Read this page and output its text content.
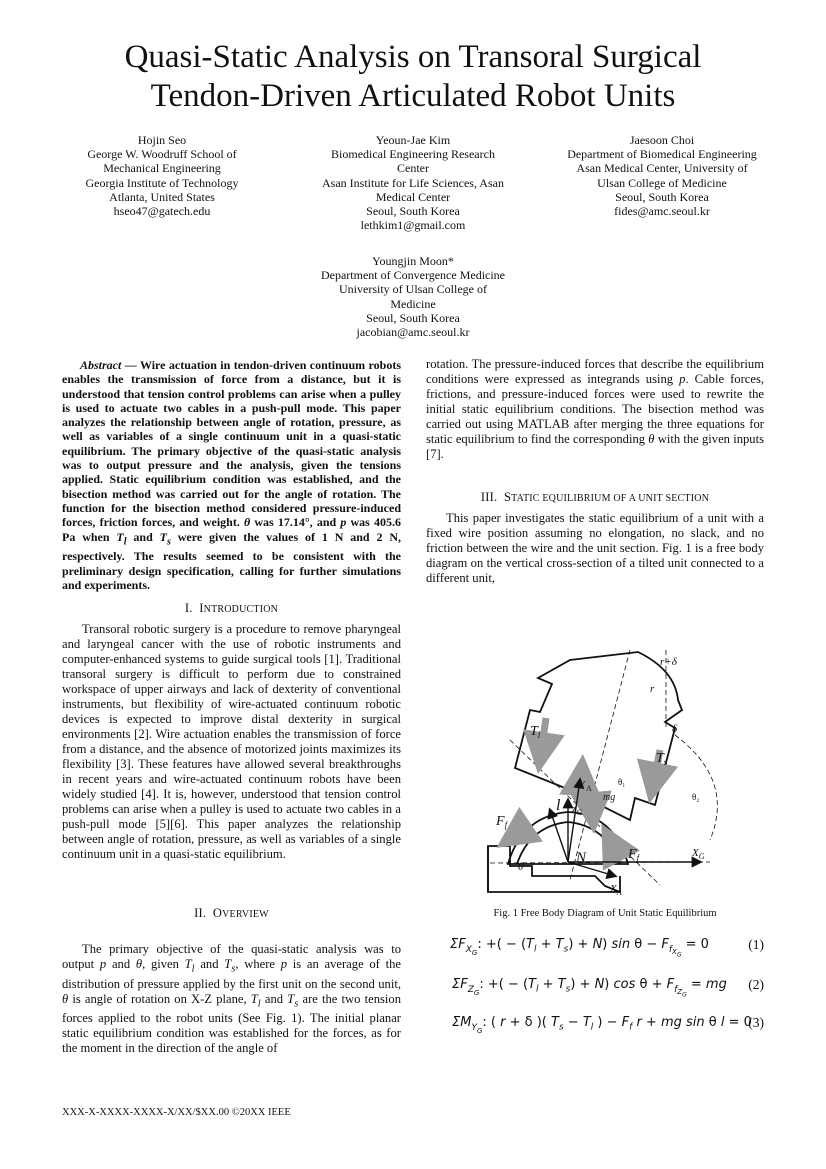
Quasi-Static Analysis on Transoral Surgical
Tendon-Driven Articulated Robot Units
Hojin Seo
George W. Woodruff School of
Mechanical Engineering
Georgia Institute of Technology
Atlanta, United States
hseo47@gatech.edu
Yeoun-Jae Kim
Biomedical Engineering Research
Center
Asan Institute for Life Sciences, Asan
Medical Center
Seoul, South Korea
lethkim1@gmail.com
Jaesoon Choi
Department of Biomedical Engineering
Asan Medical Center, University of
Ulsan College of Medicine
Seoul, South Korea
fides@amc.seoul.kr
Youngjin Moon*
Department of Convergence Medicine
University of Ulsan College of
Medicine
Seoul, South Korea
jacobian@amc.seoul.kr
Abstract — Wire actuation in tendon-driven continuum robots enables the transmission of force from a distance, but it is understood that tension control problems can arise when a pulley is used to actuate two cables in a push-pull mode. This paper analyzes the relationship between angle of rotation, pressure, as well as variables of a single continuum unit in a quasi-static equilibrium. The primary objective of the quasi-static analysis was to output pressure and the analysis, given the tensions applied. Static equilibrium condition was established, and the bisection method was carried out for the angle of rotation. The function for the bisection method considered pressure-induced forces, friction forces, and weight. θ was 17.14°, and p was 405.6 Pa when $T_l$ and $T_s$ were given the values of 1 N and 2 N, respectively. The results seemed to be consistent with the preliminary design specification, calling for further simulations and experiments.
I. INTRODUCTION

Transoral robotic surgery is a procedure to remove pharyngeal and laryngeal cancer with the use of robotic instruments and computer-enhanced systems to guide surgical tools [1]. Traditional transoral surgery is difficult to perform due to constrained workspace of upper airways and lack of dexterity of conventional instruments, but flexibility of wire-actuated continuum robotic devices is expected to improve distal dexterity in surgical environments [2]. Wire actuation enables the transmission of force from a distance, and the absence of motorized joints maximizes its flexibility [3]. These features have allowed several breakthroughs in recent years and wire-actuated continuum robots have been widely studied [4]. It is, however, understood that tension control problems can arise when a pulley is used to actuate two cables in a push-pull mode [5][6]. This paper analyzes the relationship between angle of rotation, pressure, as well as variables of a single continuum unit in a quasi-static equilibrium.

II. OVERVIEW

The primary objective of the quasi-static analysis was to output p and θ, given $T_l$ and $T_s$, where p is an average of the distribution of pressure applied by the first unit on the second unit, θ is angle of rotation on X-Z plane, $T_l$ and $T_s$ are the two tension forces applied to the robot units (See Fig. 1). The initial planar static equilibrium condition was established for the forces, as for the moment in the direction of the angle of

rotation. The pressure-induced forces that describe the equilibrium conditions were expressed as integrands using p. Cable forces, frictions, and pressure-induced forces were used to rewrite the initial static equilibrium conditions. The bisection method was carried out using MATLAB after merging the three equations for static equilibrium to find the corresponding θ with the given inputs [7].

III. STATIC EQUILIBRIUM OF A UNIT SECTION

This paper investigates the static equilibrium of a unit with a fixed wire position assuming no elongation, no slack, and no friction between the wire and the unit section. Fig. 1 is a free body diagram on the vertical cross-section of a tilted unit connected to a different unit,

r+δ
r
δ
$T_l$
$T_s$
$Y_A$
$z_G$
θ₁
θ₂
mg
l
$F_f$
$F_f$
N	$X_G$
$X_A$
θ
Fig. 1 Free Body Diagram of Unit Static Equilibrium
$\Sigma F_{X_G}$: +( − $(T_l + T_s) + N$) $\sin \theta - F_{f_{X_G}} = 0$	(1)
$\Sigma F_{Z_G}$: +( − $(T_l + T_s) + N$) $\cos \theta + F_{f_{Z_G}}$ = mg (2)
$\Sigma M_{Y_G}$: ( r + δ )( $T_s - T_l$ ) − $F_f$ r + mg sin θ l = 0
(3)
XXX-X-XXXX-XXXX-X/XX/$XX.00 ©20XX IEEE
